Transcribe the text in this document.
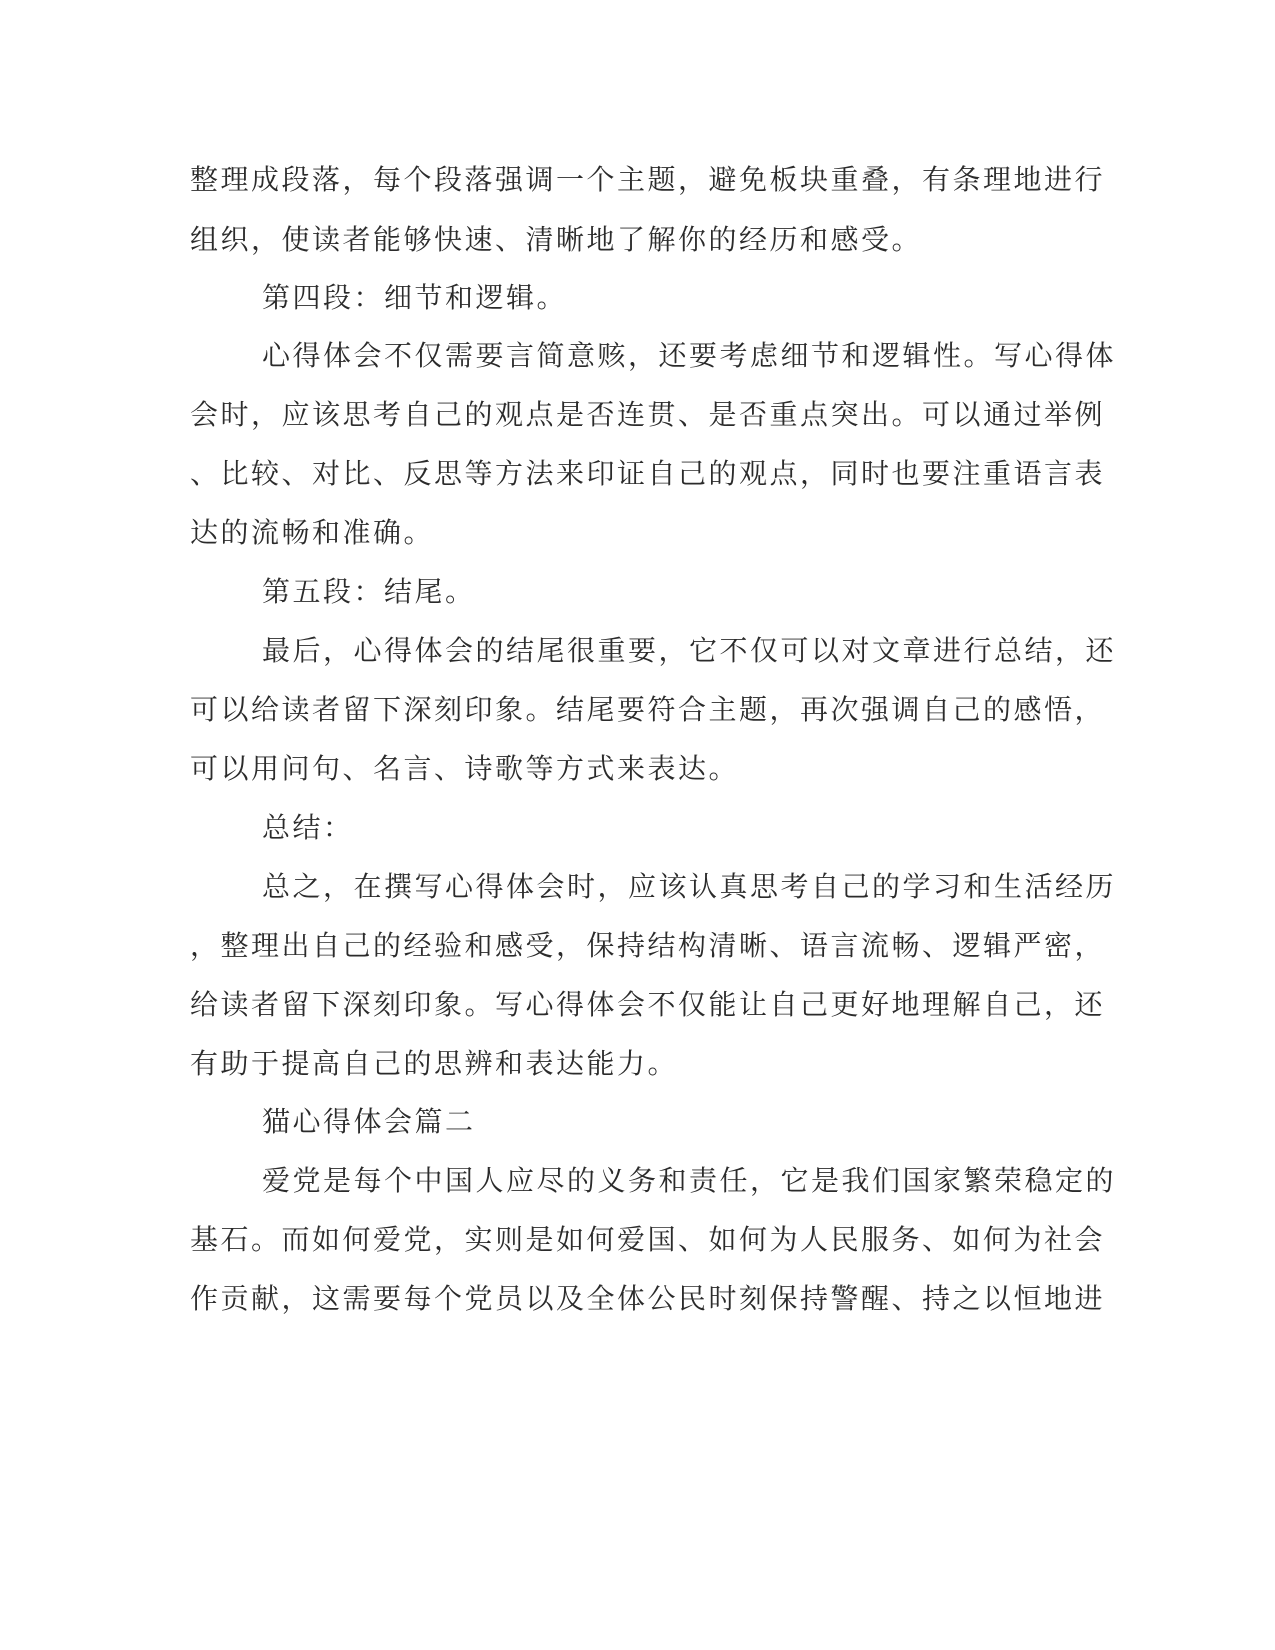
整理成段落，每个段落强调一个主题，避免板块重叠，有条理地进行
组织，使读者能够快速、清晰地了解你的经历和感受。
第四段：细节和逻辑。
心得体会不仅需要言简意赅，还要考虑细节和逻辑性。写心得体
会时，应该思考自己的观点是否连贯、是否重点突出。可以通过举例
、比较、对比、反思等方法来印证自己的观点，同时也要注重语言表
达的流畅和准确。
第五段：结尾。
最后，心得体会的结尾很重要，它不仅可以对文章进行总结，还
可以给读者留下深刻印象。结尾要符合主题，再次强调自己的感悟，
可以用问句、名言、诗歌等方式来表达。
总结：
总之，在撰写心得体会时，应该认真思考自己的学习和生活经历
，整理出自己的经验和感受，保持结构清晰、语言流畅、逻辑严密，
给读者留下深刻印象。写心得体会不仅能让自己更好地理解自己，还
有助于提高自己的思辨和表达能力。
猫心得体会篇二
爱党是每个中国人应尽的义务和责任，它是我们国家繁荣稳定的
基石。而如何爱党，实则是如何爱国、如何为人民服务、如何为社会
作贡献，这需要每个党员以及全体公民时刻保持警醒、持之以恒地进
